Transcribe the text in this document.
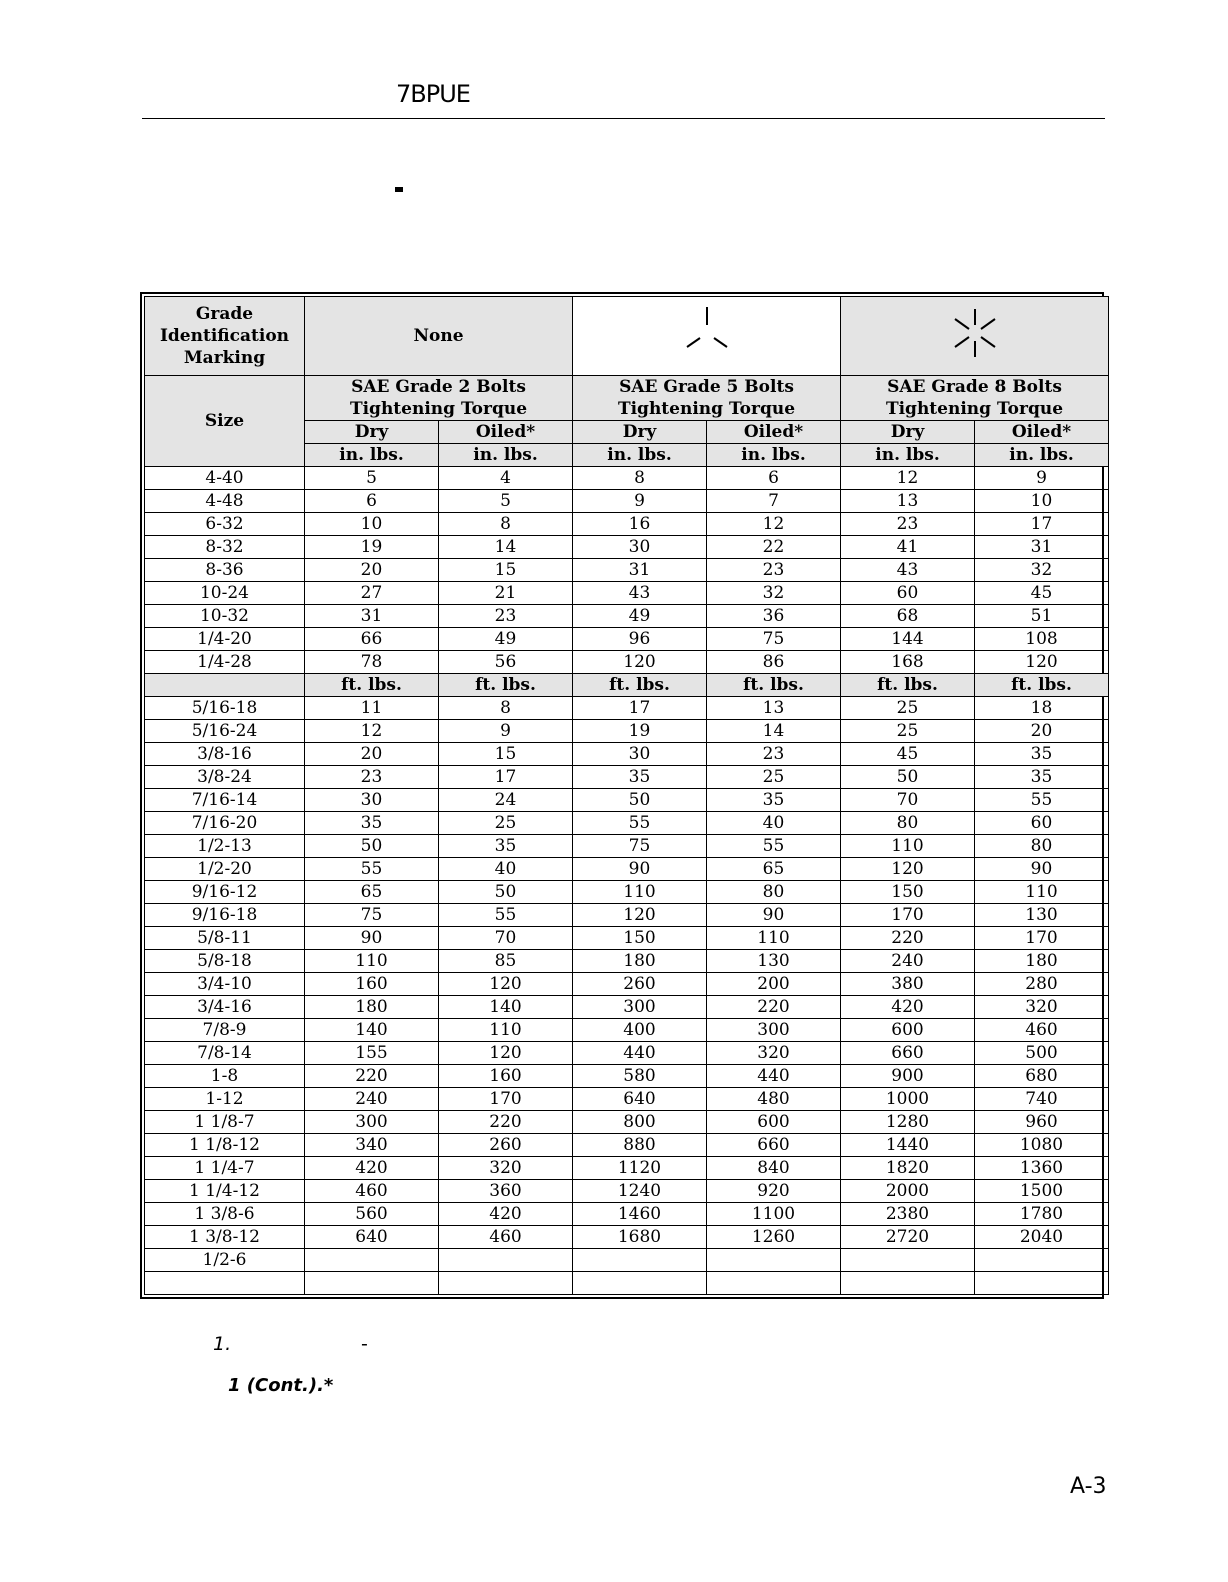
7BPUE
Grade Identification Marking	None		
Size	SAE Grade 2 Bolts Tightening Torque		SAE Grade 5 Bolts Tightening Torque		SAE Grade 8 Bolts Tightening Torque	
	Dry	Oiled*	Dry	Oiled*	Dry	Oiled*
	in. lbs.	in. lbs.	in. lbs.	in. lbs.	in. lbs.	in. lbs.
4-40	5	4	8	6	12	9
4-48	6	5	9	7	13	10
6-32	10	8	16	12	23	17
8-32	19	14	30	22	41	31
8-36	20	15	31	23	43	32
10-24	27	21	43	32	60	45
10-32	31	23	49	36	68	51
1/4-20	66	49	96	75	144	108
1/4-28	78	56	120	86	168	120
	ft. lbs.	ft. lbs.	ft. lbs.	ft. lbs.	ft. lbs.	ft. lbs.
5/16-18	11	8	17	13	25	18
5/16-24	12	9	19	14	25	20
3/8-16	20	15	30	23	45	35
3/8-24	23	17	35	25	50	35
7/16-14	30	24	50	35	70	55
7/16-20	35	25	55	40	80	60
1/2-13	50	35	75	55	110	80
1/2-20	55	40	90	65	120	90
9/16-12	65	50	110	80	150	110
9/16-18	75	55	120	90	170	130
5/8-11	90	70	150	110	220	170
5/8-18	110	85	180	130	240	180
3/4-10	160	120	260	200	380	280
3/4-16	180	140	300	220	420	320
7/8-9	140	110	400	300	600	460
7/8-14	155	120	440	320	660	500
1-8	220	160	580	440	900	680
1-12	240	170	640	480	1000	740
1 1/8-7	300	220	800	600	1280	960
1 1/8-12	340	260	880	660	1440	1080
1 1/4-7	420	320	1120	840	1820	1360
1 1/4-12	460	360	1240	920	2000	1500
1 3/8-6	560	420	1460	1100	2380	1780
1 3/8-12	640	460	1680	1260	2720	2040
1/2-6						

1.	-
1 (Cont.).*
A-3
